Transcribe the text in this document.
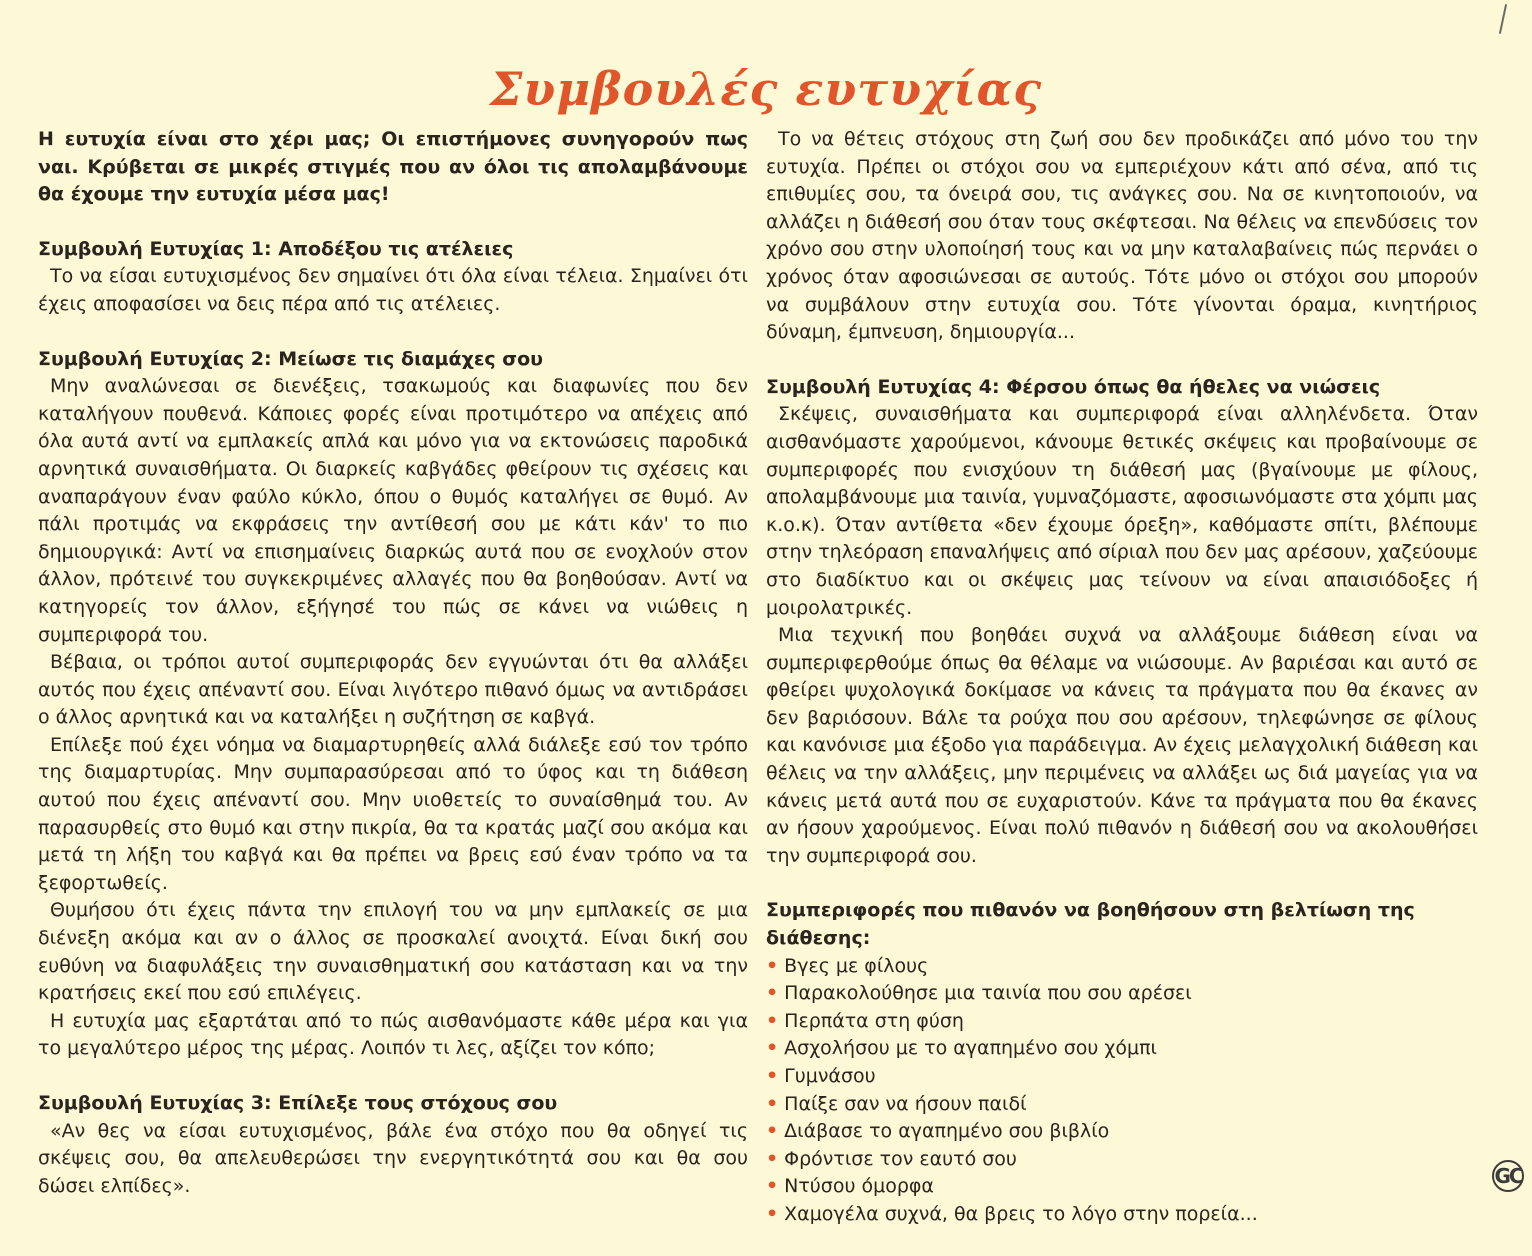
Συμβουλές ευτυχίας

Η ευτυχία είναι στο χέρι μας; Οι επιστήμονες συνηγορούν πως ναι. Κρύβεται σε μικρές στιγμές που αν όλοι τις απολαμβάνουμε θα έχουμε την ευτυχία μέσα μας!

Συμβουλή Ευτυχίας 1: Αποδέξου τις ατέλειες

Το να είσαι ευτυχισμένος δεν σημαίνει ότι όλα είναι τέλεια. Σημαίνει ότι έχεις αποφασίσει να δεις πέρα από τις ατέλειες.

Συμβουλή Ευτυχίας 2: Μείωσε τις διαμάχες σου

Μην αναλώνεσαι σε διενέξεις, τσακωμούς και διαφωνίες που δεν καταλήγουν πουθενά. Κάποιες φορές είναι προτιμότερο να απέχεις από όλα αυτά αντί να εμπλακείς απλά και μόνο για να εκτονώσεις παροδικά αρνητικά συναισθήματα. Οι διαρκείς καβγάδες φθείρουν τις σχέσεις και αναπαράγουν έναν φαύλο κύκλο, όπου ο θυμός καταλήγει σε θυμό. Αν πάλι προτιμάς να εκφράσεις την αντίθεσή σου με κάτι κάν' το πιο δημιουργικά: Αντί να επισημαίνεις διαρκώς αυτά που σε ενοχλούν στον άλλον, πρότεινέ του συγκεκριμένες αλλαγές που θα βοηθούσαν. Αντί να κατηγορείς τον άλλον, εξήγησέ του πώς σε κάνει να νιώθεις η συμπεριφορά του.

Βέβαια, οι τρόποι αυτοί συμπεριφοράς δεν εγγυώνται ότι θα αλλάξει αυτός που έχεις απέναντί σου. Είναι λιγότερο πιθανό όμως να αντιδράσει ο άλλος αρνητικά και να καταλήξει η συζήτηση σε καβγά.

Επίλεξε πού έχει νόημα να διαμαρτυρηθείς αλλά διάλεξε εσύ τον τρόπο της διαμαρτυρίας. Μην συμπαρασύρεσαι από το ύφος και τη διάθεση αυτού που έχεις απέναντί σου. Μην υιοθετείς το συναίσθημά του. Αν παρασυρθείς στο θυμό και στην πικρία, θα τα κρατάς μαζί σου ακόμα και μετά τη λήξη του καβγά και θα πρέπει να βρεις εσύ έναν τρόπο να τα ξεφορτωθείς.

Θυμήσου ότι έχεις πάντα την επιλογή του να μην εμπλακείς σε μια διένεξη ακόμα και αν ο άλλος σε προσκαλεί ανοιχτά. Είναι δική σου ευθύνη να διαφυλάξεις την συναισθηματική σου κατάσταση και να την κρατήσεις εκεί που εσύ επιλέγεις.

Η ευτυχία μας εξαρτάται από το πώς αισθανόμαστε κάθε μέρα και για το μεγαλύτερο μέρος της μέρας. Λοιπόν τι λες, αξίζει τον κόπο;

Συμβουλή Ευτυχίας 3: Επίλεξε τους στόχους σου

«Αν θες να είσαι ευτυχισμένος, βάλε ένα στόχο που θα οδηγεί τις σκέψεις σου, θα απελευθερώσει την ενεργητικότητά σου και θα σου δώσει ελπίδες».

Το να θέτεις στόχους στη ζωή σου δεν προδικάζει από μόνο του την ευτυχία. Πρέπει οι στόχοι σου να εμπεριέχουν κάτι από σένα, από τις επιθυμίες σου, τα όνειρά σου, τις ανάγκες σου. Να σε κινητοποιούν, να αλλάζει η διάθεσή σου όταν τους σκέφτεσαι. Να θέλεις να επενδύσεις τον χρόνο σου στην υλοποίησή τους και να μην καταλαβαίνεις πώς περνάει ο χρόνος όταν αφοσιώνεσαι σε αυτούς. Τότε μόνο οι στόχοι σου μπορούν να συμβάλουν στην ευτυχία σου. Τότε γίνονται όραμα, κινητήριος δύναμη, έμπνευση, δημιουργία...

Συμβουλή Ευτυχίας 4: Φέρσου όπως θα ήθελες να νιώσεις

Σκέψεις, συναισθήματα και συμπεριφορά είναι αλληλένδετα. Όταν αισθανόμαστε χαρούμενοι, κάνουμε θετικές σκέψεις και προβαίνουμε σε συμπεριφορές που ενισχύουν τη διάθεσή μας (βγαίνουμε με φίλους, απολαμβάνουμε μια ταινία, γυμναζόμαστε, αφοσιωνόμαστε στα χόμπι μας κ.ο.κ). Όταν αντίθετα «δεν έχουμε όρεξη», καθόμαστε σπίτι, βλέπουμε στην τηλεόραση επαναλήψεις από σίριαλ που δεν μας αρέσουν, χαζεύουμε στο διαδίκτυο και οι σκέψεις μας τείνουν να είναι απαισιόδοξες ή μοιρολατρικές.

Μια τεχνική που βοηθάει συχνά να αλλάξουμε διάθεση είναι να συμπεριφερθούμε όπως θα θέλαμε να νιώσουμε. Αν βαριέσαι και αυτό σε φθείρει ψυχολογικά δοκίμασε να κάνεις τα πράγματα που θα έκανες αν δεν βαριόσουν. Βάλε τα ρούχα που σου αρέσουν, τηλεφώνησε σε φίλους και κανόνισε μια έξοδο για παράδειγμα. Αν έχεις μελαγχολική διάθεση και θέλεις να την αλλάξεις, μην περιμένεις να αλλάξει ως διά μαγείας για να κάνεις μετά αυτά που σε ευχαριστούν. Κάνε τα πράγματα που θα έκανες αν ήσουν χαρούμενος. Είναι πολύ πιθανόν η διάθεσή σου να ακολουθήσει την συμπεριφορά σου.

Συμπεριφορές που πιθανόν να βοηθήσουν στη βελτίωση της διάθεσης:

• Βγες με φίλους
• Παρακολούθησε μια ταινία που σου αρέσει
• Περπάτα στη φύση
• Ασχολήσου με το αγαπημένο σου χόμπι
• Γυμνάσου
• Παίξε σαν να ήσουν παιδί
• Διάβασε το αγαπημένο σου βιβλίο
• Φρόντισε τον εαυτό σου
• Ντύσου όμορφα
• Χαμογέλα συχνά, θα βρεις το λόγο στην πορεία...
GC
